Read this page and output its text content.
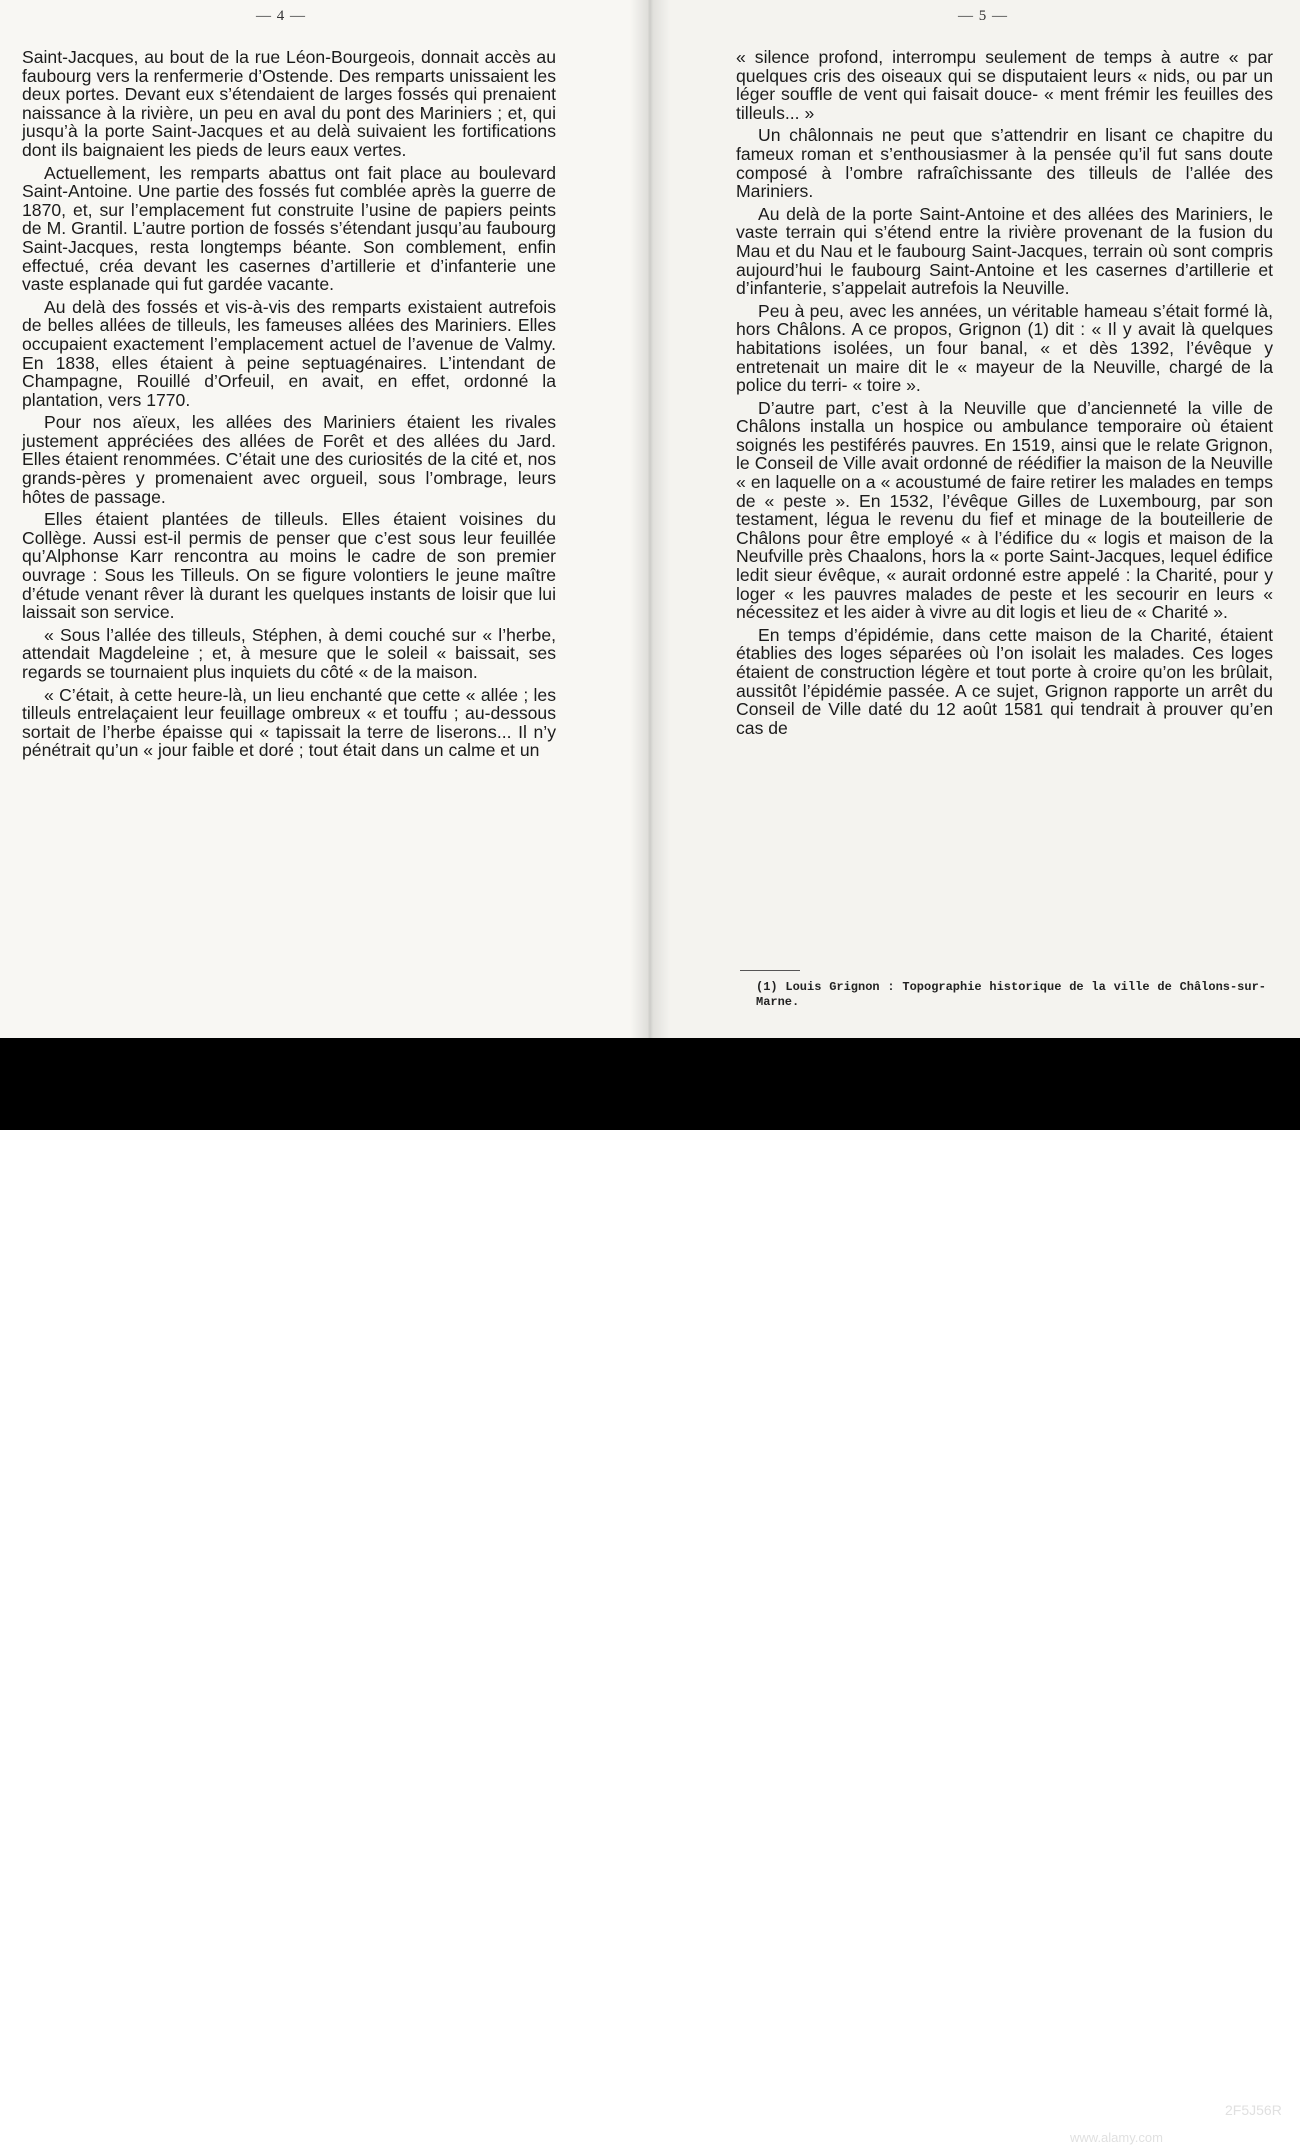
— 4 —

Saint-Jacques, au bout de la rue Léon-Bourgeois, donnait accès au faubourg vers la renfermerie d’Ostende. Des remparts unissaient les deux portes. Devant eux s’étendaient de larges fossés qui prenaient naissance à la rivière, un peu en aval du pont des Mariniers ; et, qui jusqu’à la porte Saint-Jacques et au delà suivaient les fortifications dont ils baignaient les pieds de leurs eaux vertes.

Actuellement, les remparts abattus ont fait place au boulevard Saint-Antoine. Une partie des fossés fut comblée après la guerre de 1870, et, sur l’emplacement fut construite l’usine de papiers peints de M. Grantil. L’autre portion de fossés s’étendant jusqu’au faubourg Saint-Jacques, resta longtemps béante. Son comblement, enfin effectué, créa devant les casernes d’artillerie et d’infanterie une vaste esplanade qui fut gardée vacante.

Au delà des fossés et vis-à-vis des remparts existaient autrefois de belles allées de tilleuls, les fameuses allées des Mariniers. Elles occupaient exactement l’emplacement actuel de l’avenue de Valmy. En 1838, elles étaient à peine septuagénaires. L’intendant de Champagne, Rouillé d’Orfeuil, en avait, en effet, ordonné la plantation, vers 1770.

Pour nos aïeux, les allées des Mariniers étaient les rivales justement appréciées des allées de Forêt et des allées du Jard. Elles étaient renommées. C’était une des curiosités de la cité et, nos grands-pères y promenaient avec orgueil, sous l’ombrage, leurs hôtes de passage.

Elles étaient plantées de tilleuls. Elles étaient voisines du Collège. Aussi est-il permis de penser que c’est sous leur feuillée qu’Alphonse Karr rencontra au moins le cadre de son premier ouvrage : Sous les Tilleuls. On se figure volontiers le jeune maître d’étude venant rêver là durant les quelques instants de loisir que lui laissait son service.

« Sous l’allée des tilleuls, Stéphen, à demi couché sur « l’herbe, attendait Magdeleine ; et, à mesure que le soleil « baissait, ses regards se tournaient plus inquiets du côté « de la maison.

« C’était, à cette heure-là, un lieu enchanté que cette « allée ; les tilleuls entrelaçaient leur feuillage ombreux « et touffu ; au-dessous sortait de l’herbe épaisse qui « tapissait la terre de liserons... Il n’y pénétrait qu’un « jour faible et doré ; tout était dans un calme et un

— 5 —

« silence profond, interrompu seulement de temps à autre « par quelques cris des oiseaux qui se disputaient leurs « nids, ou par un léger souffle de vent qui faisait douce- « ment frémir les feuilles des tilleuls... »

Un châlonnais ne peut que s’attendrir en lisant ce chapitre du fameux roman et s’enthousiasmer à la pensée qu’il fut sans doute composé à l’ombre rafraîchissante des tilleuls de l’allée des Mariniers.

Au delà de la porte Saint-Antoine et des allées des Mariniers, le vaste terrain qui s’étend entre la rivière provenant de la fusion du Mau et du Nau et le faubourg Saint-Jacques, terrain où sont compris aujourd’hui le faubourg Saint-Antoine et les casernes d’artillerie et d’infanterie, s’appelait autrefois la Neuville.

Peu à peu, avec les années, un véritable hameau s’était formé là, hors Châlons. A ce propos, Grignon (1) dit : « Il y avait là quelques habitations isolées, un four banal, « et dès 1392, l’évêque y entretenait un maire dit le « mayeur de la Neuville, chargé de la police du terri- « toire ».

D’autre part, c’est à la Neuville que d’ancienneté la ville de Châlons installa un hospice ou ambulance temporaire où étaient soignés les pestiférés pauvres. En 1519, ainsi que le relate Grignon, le Conseil de Ville avait ordonné de réédifier la maison de la Neuville « en laquelle on a « acoustumé de faire retirer les malades en temps de « peste ». En 1532, l’évêque Gilles de Luxembourg, par son testament, légua le revenu du fief et minage de la bouteillerie de Châlons pour être employé « à l’édifice du « logis et maison de la Neufville près Chaalons, hors la « porte Saint-Jacques, lequel édifice ledit sieur évêque, « aurait ordonné estre appelé : la Charité, pour y loger « les pauvres malades de peste et les secourir en leurs « nécessitez et les aider à vivre au dit logis et lieu de « Charité ».

En temps d’épidémie, dans cette maison de la Charité, étaient établies des loges séparées où l’on isolait les malades. Ces loges étaient de construction légère et tout porte à croire qu’on les brûlait, aussitôt l’épidémie passée. A ce sujet, Grignon rapporte un arrêt du Conseil de Ville daté du 12 août 1581 qui tendrait à prouver qu’en cas de

(1) Louis Grignon : Topographie historique de la ville de Châlons-sur-Marne.
alamy	2F5J56R
www.alamy.com
